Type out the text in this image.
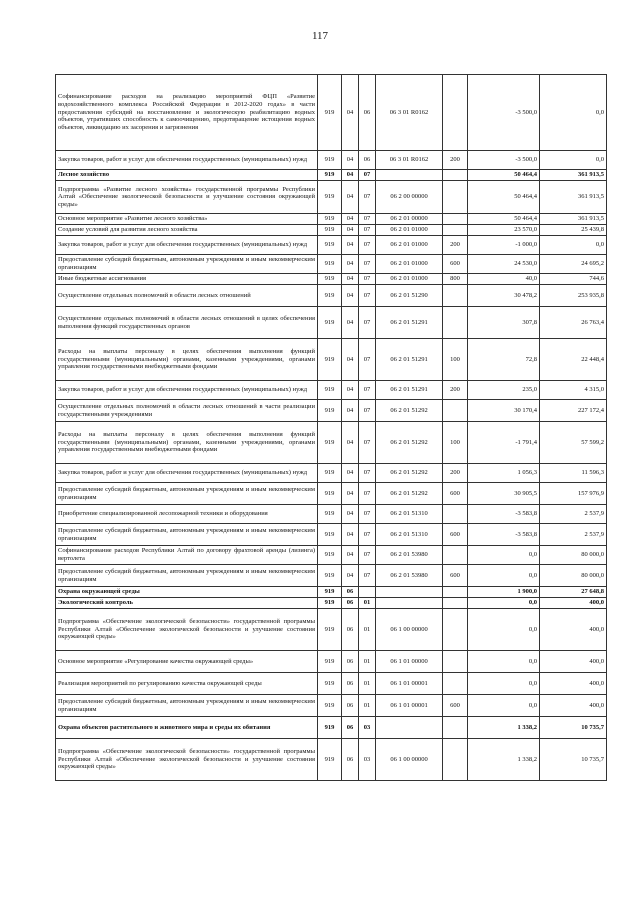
117
Софинансирование расходов на реализацию мероприятий ФЦП «Развитие водохозяйственного комплекса Российской Федерации в 2012-2020 годах» в части предоставления субсидий на восстановление и экологическую реабилитацию водных объектов, утративших способность к самоочищению, предотвращение истощения водных объектов, ликвидацию их засорения и загрязнения	919	04	06	06 3 01 R0162		-3 500,0	0,0
Закупка товаров, работ и услуг для обеспечения государственных (муниципальных) нужд	919	04	06	06 3 01 R0162	200	-3 500,0	0,0
Лесное хозяйство	919	04	07			50 464,4	361 913,5
Подпрограмма «Развитие лесного хозяйства» государственной программы Республики Алтай «Обеспечение экологической безопасности и улучшение состояния окружающей среды»	919	04	07	06 2 00 00000		50 464,4	361 913,5
Основное мероприятие «Развитие лесного хозяйства»	919	04	07	06 2 01 00000		50 464,4	361 913,5
Создание условий для развития лесного хозяйства	919	04	07	06 2 01 01000		23 570,0	25 439,8
Закупка товаров, работ и услуг для обеспечения государственных (муниципальных) нужд	919	04	07	06 2 01 01000	200	-1 000,0	0,0
Предоставление субсидий бюджетным, автономным учреждениям и иным некоммерческим организациям	919	04	07	06 2 01 01000	600	24 530,0	24 695,2
Иные бюджетные ассигнования	919	04	07	06 2 01 01000	800	40,0	744,6
Осуществление отдельных полномочий в области лесных отношений	919	04	07	06 2 01 51290		30 478,2	253 935,8
Осуществление отдельных полномочий в области лесных отношений в целях обеспечения выполнения функций государственных органов	919	04	07	06 2 01 51291		307,8	26 763,4
Расходы на выплаты персоналу в целях обеспечения выполнения функций государственными (муниципальными) органами, казенными учреждениями, органами управления государственными внебюджетными фондами	919	04	07	06 2 01 51291	100	72,8	22 448,4
Закупка товаров, работ и услуг для обеспечения государственных (муниципальных) нужд	919	04	07	06 2 01 51291	200	235,0	4 315,0
Осуществление отдельных полномочий в области лесных отношений в части реализации государственными учреждениями	919	04	07	06 2 01 51292		30 170,4	227 172,4
Расходы на выплаты персоналу в целях обеспечения выполнения функций государственными (муниципальными) органами, казенными учреждениями, органами управления государственными внебюджетными фондами	919	04	07	06 2 01 51292	100	-1 791,4	57 599,2
Закупка товаров, работ и услуг для обеспечения государственных (муниципальных) нужд	919	04	07	06 2 01 51292	200	1 056,3	11 596,3
Предоставление субсидий бюджетным, автономным учреждениям и иным некоммерческим организациям	919	04	07	06 2 01 51292	600	30 905,5	157 976,9
Приобретение специализированной лесопожарной техники и оборудования	919	04	07	06 2 01 51310		-3 583,8	2 537,9
Предоставление субсидий бюджетным, автономным учреждениям и иным некоммерческим организациям	919	04	07	06 2 01 51310	600	-3 583,8	2 537,9
Софинансирование расходов Республики Алтай по договору фрахтовой аренды (лизинга) вертолета	919	04	07	06 2 01 53980		0,0	80 000,0
Предоставление субсидий бюджетным, автономным учреждениям и иным некоммерческим организациям	919	04	07	06 2 01 53980	600	0,0	80 000,0
Охрана окружающей среды	919	06				1 900,0	27 648,8
Экологический контроль	919	06	01			0,0	400,0
Подпрограмма «Обеспечение экологической безопасности» государственной программы Республики Алтай «Обеспечение экологической безопасности и улучшение состояния окружающей среды»	919	06	01	06 1 00 00000		0,0	400,0
Основное мероприятие «Регулирование качества окружающей среды»	919	06	01	06 1 01 00000		0,0	400,0
Реализация мероприятий по регулированию качества окружающей среды	919	06	01	06 1 01 00001		0,0	400,0
Предоставление субсидий бюджетным, автономным учреждениям и иным некоммерческим организациям	919	06	01	06 1 01 00001	600	0,0	400,0
Охрана объектов растительного и животного мира и среды их обитания	919	06	03			1 338,2	10 735,7
Подпрограмма «Обеспечение экологической безопасности» государственной программы Республики Алтай «Обеспечение экологической безопасности и улучшение состояния окружающей среды»	919	06	03	06 1 00 00000		1 338,2	10 735,7
